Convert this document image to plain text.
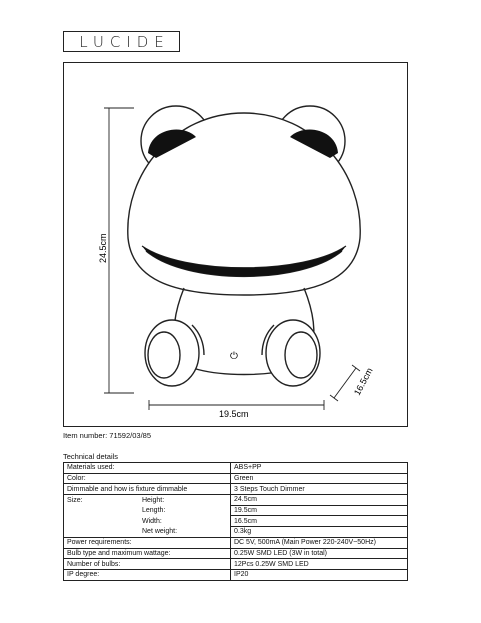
LUCIDE
24.5cm
19.5cm
16.5cm
⏻
Item number: 71592/03/85
Technical details
Materials used:	ABS+PP
Color:	Green
Dimmable and how is fixture dimmable	3 Steps Touch Dimmer
Size: Height:	24.5cm
Length:	19.5cm
Width:	16.5cm
Net weight:	0.3kg
Power requirements:	DC 5V, 500mA (Main Power 220-240V~50Hz)
Bulb type and maximum wattage:	0.25W SMD LED (3W in total)
Number of bulbs:	12Pcs 0.25W SMD LED
IP degree:	IP20
